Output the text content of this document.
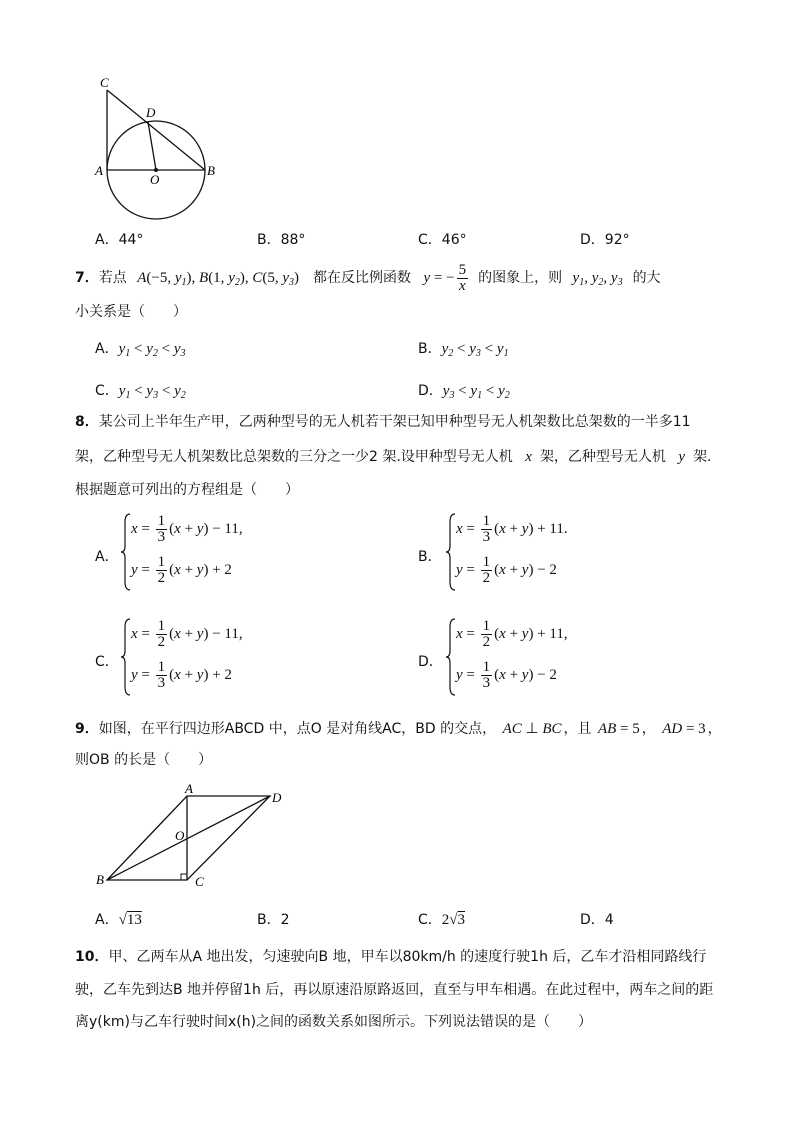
C
D
A
O
B
A．44°	B．88°	C．46°	D．92°
7．若点 A(−5, $y_1$), B(1, $y_2$), C(5, $y_3$) 都在反比例函数 y = − $\frac{5}{x}$ 的图象上，则 $y_1$, $y_2$, $y_3$ 的大
小关系是（　　）
A．$y_1 < y_2 < y_3$	B．$y_2 < y_3 < y_1$
C．$y_1 < y_3 < y_2$	D．$y_3 < y_1 < y_2$
8．某公司上半年生产甲，乙两种型号的无人机若干架已知甲种型号无人机架数比总架数的一半多11
架，乙种型号无人机架数比总架数的三分之一少2 架.设甲种型号无人机 x 架，乙种型号无人机 y 架.
根据题意可列出的方程组是（　　）
A．
$x = \frac{1}{3} (x + y) - 11$,
$y = \frac{1}{2} (x + y) + 2$
B．
$x = \frac{1}{3} (x + y) + 11$.
$y = \frac{1}{2} (x + y) - 2$
C．
$x = \frac{1}{2} (x + y) - 11$,
$y = \frac{1}{3} (x + y) + 2$
D．
$x = \frac{1}{2} (x + y) + 11$,
$y = \frac{1}{3} (x + y) - 2$
9．如图，在平行四边形ABCD 中，点O 是对角线AC，BD 的交点， AC ⊥ BC ，且 AB = 5 ， AD = 3 ，
则OB 的长是（　　）
A
D
O
B	C
A．√13	B．2	C．2√3	D．4
10．甲、乙两车从A 地出发，匀速驶向B 地，甲车以80km/h 的速度行驶1h 后，乙车才沿相同路线行
驶，乙车先到达B 地并停留1h 后，再以原速沿原路返回，直至与甲车相遇。在此过程中，两车之间的距
离y(km)与乙车行驶时间x(h)之间的函数关系如图所示。下列说法错误的是（　　）
